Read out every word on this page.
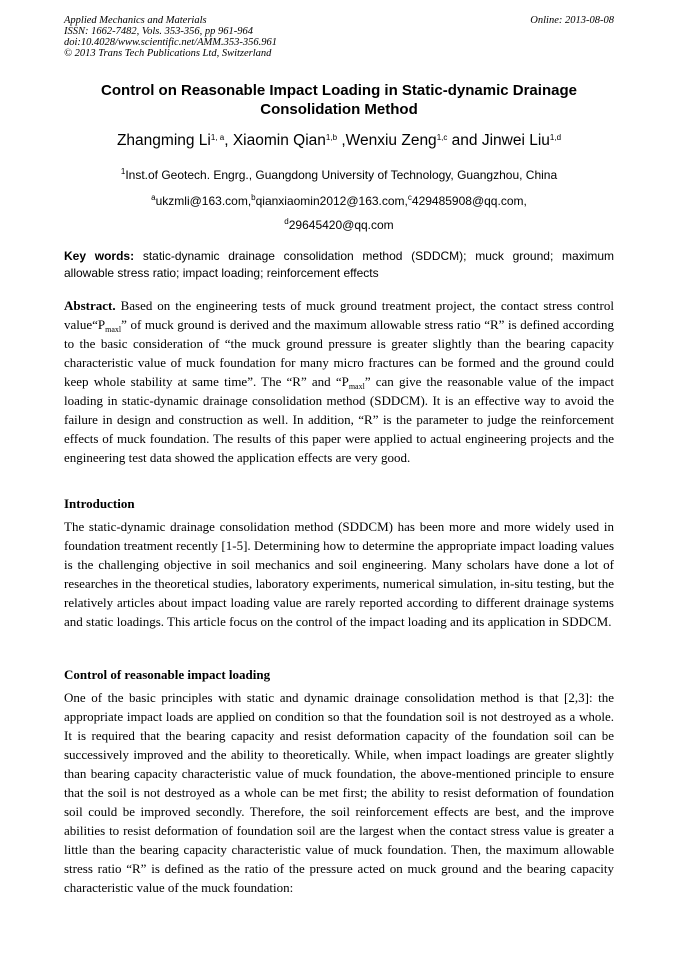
Applied Mechanics and Materials
ISSN: 1662-7482, Vols. 353-356, pp 961-964
doi:10.4028/www.scientific.net/AMM.353-356.961
© 2013 Trans Tech Publications Ltd, Switzerland
Online: 2013-08-08
Control on Reasonable Impact Loading in Static-dynamic Drainage
Consolidation Method
Zhangming Li$^{1, a}$, Xiaomin Qian$^{1,b}$ ,Wenxiu Zeng$^{1,c}$ and Jinwei Liu$^{1,d}$
$^1$Inst.of Geotech. Engrg., Guangdong University of Technology, Guangzhou, China
$^a$ukzmli@163.com,$^b$qianxiaomin2012@163.com,$^c$429485908@qq.com,
$^d$29645420@qq.com
Key words: static-dynamic drainage consolidation method (SDDCM); muck ground; maximum allowable stress ratio; impact loading; reinforcement effects
Abstract. Based on the engineering tests of muck ground treatment project, the contact stress control $value“P_{maxl}$” of muck ground is derived and the maximum allowable stress ratio “R” is defined according to the basic consideration of “the muck ground pressure is greater slightly than the bearing capacity characteristic value of muck foundation for many micro fractures can be formed and the ground could keep whole stability at same time”. The “R” and “$P_{maxl}$” can give the reasonable value of the impact loading in static-dynamic drainage consolidation method (SDDCM). It is an effective way to avoid the failure in design and construction as well. In addition, “R” is the parameter to judge the reinforcement effects of muck foundation. The results of this paper were applied to actual engineering projects and the engineering test data showed the application effects are very good.
Introduction
The static-dynamic drainage consolidation method (SDDCM) has been more and more widely used in foundation treatment recently [1-5]. Determining how to determine the appropriate impact loading values is the challenging objective in soil mechanics and soil engineering. Many scholars have done a lot of researches in the theoretical studies, laboratory experiments, numerical simulation, in-situ testing, but the relatively articles about impact loading value are rarely reported according to different drainage systems and static loadings. This article focus on the control of the impact loading and its application in SDDCM.
Control of reasonable impact loading
One of the basic principles with static and dynamic drainage consolidation method is that [2,3]: the appropriate impact loads are applied on condition so that the foundation soil is not destroyed as a whole. It is required that the bearing capacity and resist deformation capacity of the foundation soil can be successively improved and the ability to theoretically. While, when impact loadings are greater slightly than bearing capacity characteristic value of muck foundation, the above-mentioned principle to ensure that the soil is not destroyed as a whole can be met first; the ability to resist deformation of foundation soil could be improved secondly. Therefore, the soil reinforcement effects are best, and the improve abilities to resist deformation of foundation soil are the largest when the contact stress value is greater a little than the bearing capacity characteristic value of muck foundation. Then, the maximum allowable stress ratio “R” is defined as the ratio of the pressure acted on muck ground and the bearing capacity characteristic value of the muck foundation:
